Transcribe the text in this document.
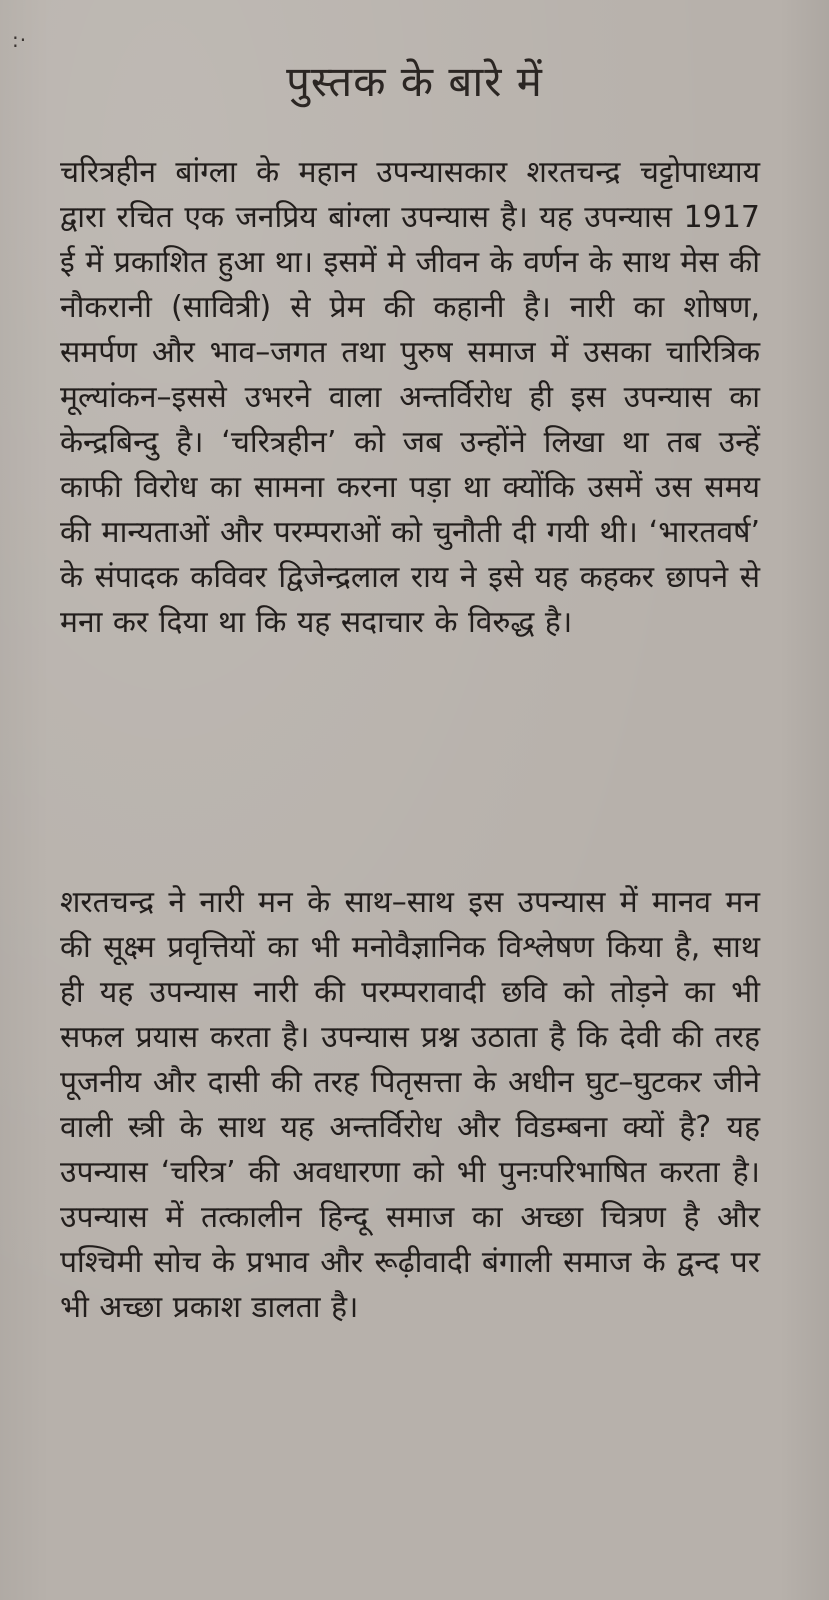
:·
पुस्तक के बारे में

चरित्रहीन बांग्ला के महान उपन्यासकार शरतचन्द्र चट्टोपाध्याय द्वारा रचित एक जनप्रिय बांग्ला उपन्यास है। यह उपन्यास 1917 ई में प्रकाशित हुआ था। इसमें मे जीवन के वर्णन के साथ मेस की नौकरानी (सावित्री) से प्रेम की कहानी है। नारी का शोषण, समर्पण और भाव–जगत तथा पुरुष समाज में उसका चारित्रिक मूल्यांकन–इससे उभरने वाला अन्तर्विरोध ही इस उपन्यास का केन्द्रबिन्दु है। ‘चरित्रहीन’ को जब उन्होंने लिखा था तब उन्हें काफी विरोध का सामना करना पड़ा था क्योंकि उसमें उस समय की मान्यताओं और परम्पराओं को चुनौती दी गयी थी। ‘भारतवर्ष’ के संपादक कविवर द्विजेन्द्रलाल राय ने इसे यह कहकर छापने से मना कर दिया था कि यह सदाचार के विरुद्ध है।

शरतचन्द्र ने नारी मन के साथ–साथ इस उपन्यास में मानव मन की सूक्ष्म प्रवृत्तियों का भी मनोवैज्ञानिक विश्लेषण किया है, साथ ही यह उपन्यास नारी की परम्परावादी छवि को तोड़ने का भी सफल प्रयास करता है। उपन्यास प्रश्न उठाता है कि देवी की तरह पूजनीय और दासी की तरह पितृसत्ता के अधीन घुट–घुटकर जीने वाली स्त्री के साथ यह अन्तर्विरोध और विडम्बना क्यों है? यह उपन्यास ‘चरित्र’ की अवधारणा को भी पुनःपरिभाषित करता है। उपन्यास में तत्कालीन हिन्दू समाज का अच्छा चित्रण है और पश्चिमी सोच के प्रभाव और रूढ़ीवादी बंगाली समाज के द्वन्द पर भी अच्छा प्रकाश डालता है।
